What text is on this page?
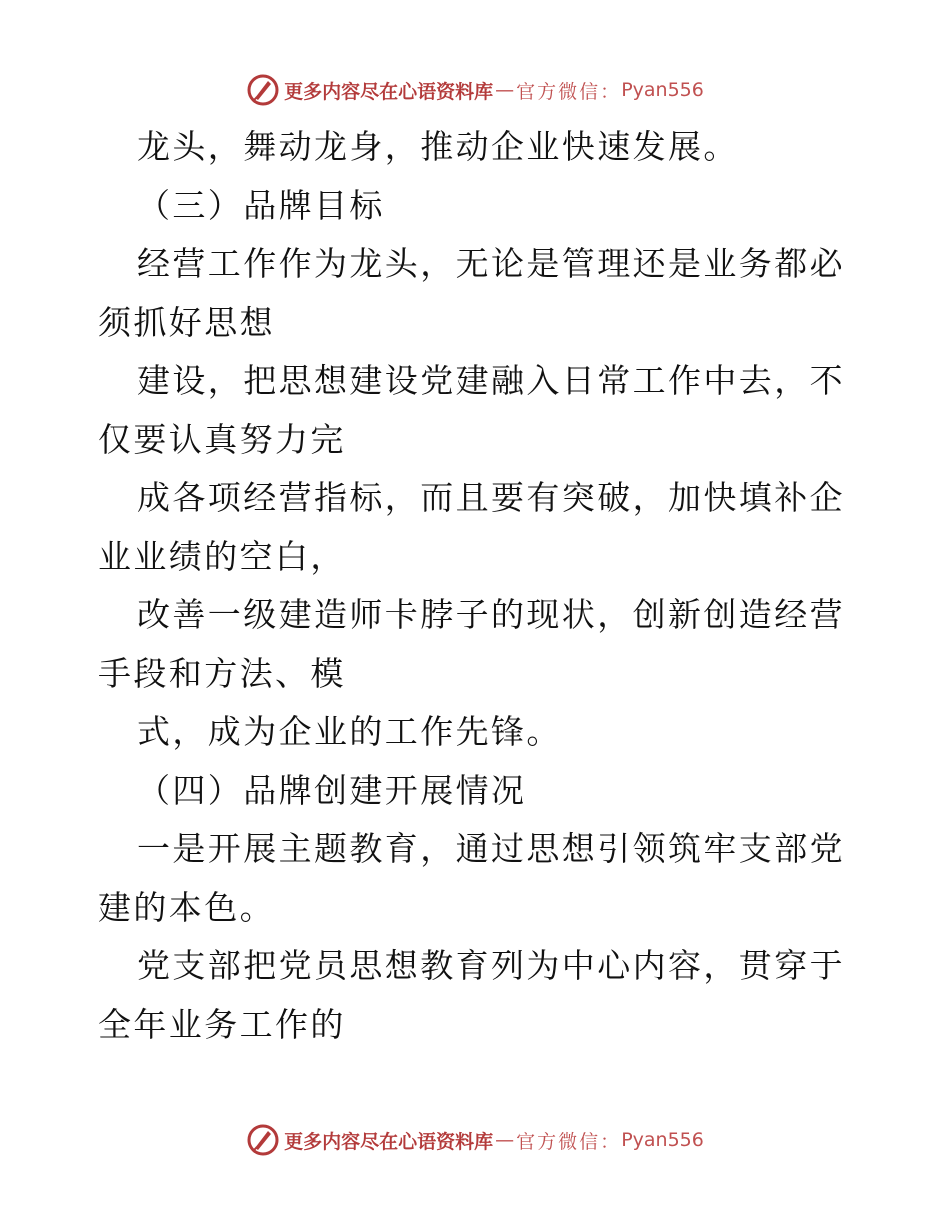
更多内容尽在心语资料库 — 官方微信： Pyan556

龙头，舞动龙身，推动企业快速发展。

（三）品牌目标

经营工作作为龙头，无论是管理还是业务都必须抓好思想

建设，把思想建设党建融入日常工作中去，不仅要认真努力完

成各项经营指标，而且要有突破，加快填补企业业绩的空白，

改善一级建造师卡脖子的现状，创新创造经营手段和方法、模

式，成为企业的工作先锋。

（四）品牌创建开展情况

一是开展主题教育，通过思想引领筑牢支部党建的本色。

党支部把党员思想教育列为中心内容，贯穿于全年业务工作的

更多内容尽在心语资料库 — 官方微信： Pyan556
